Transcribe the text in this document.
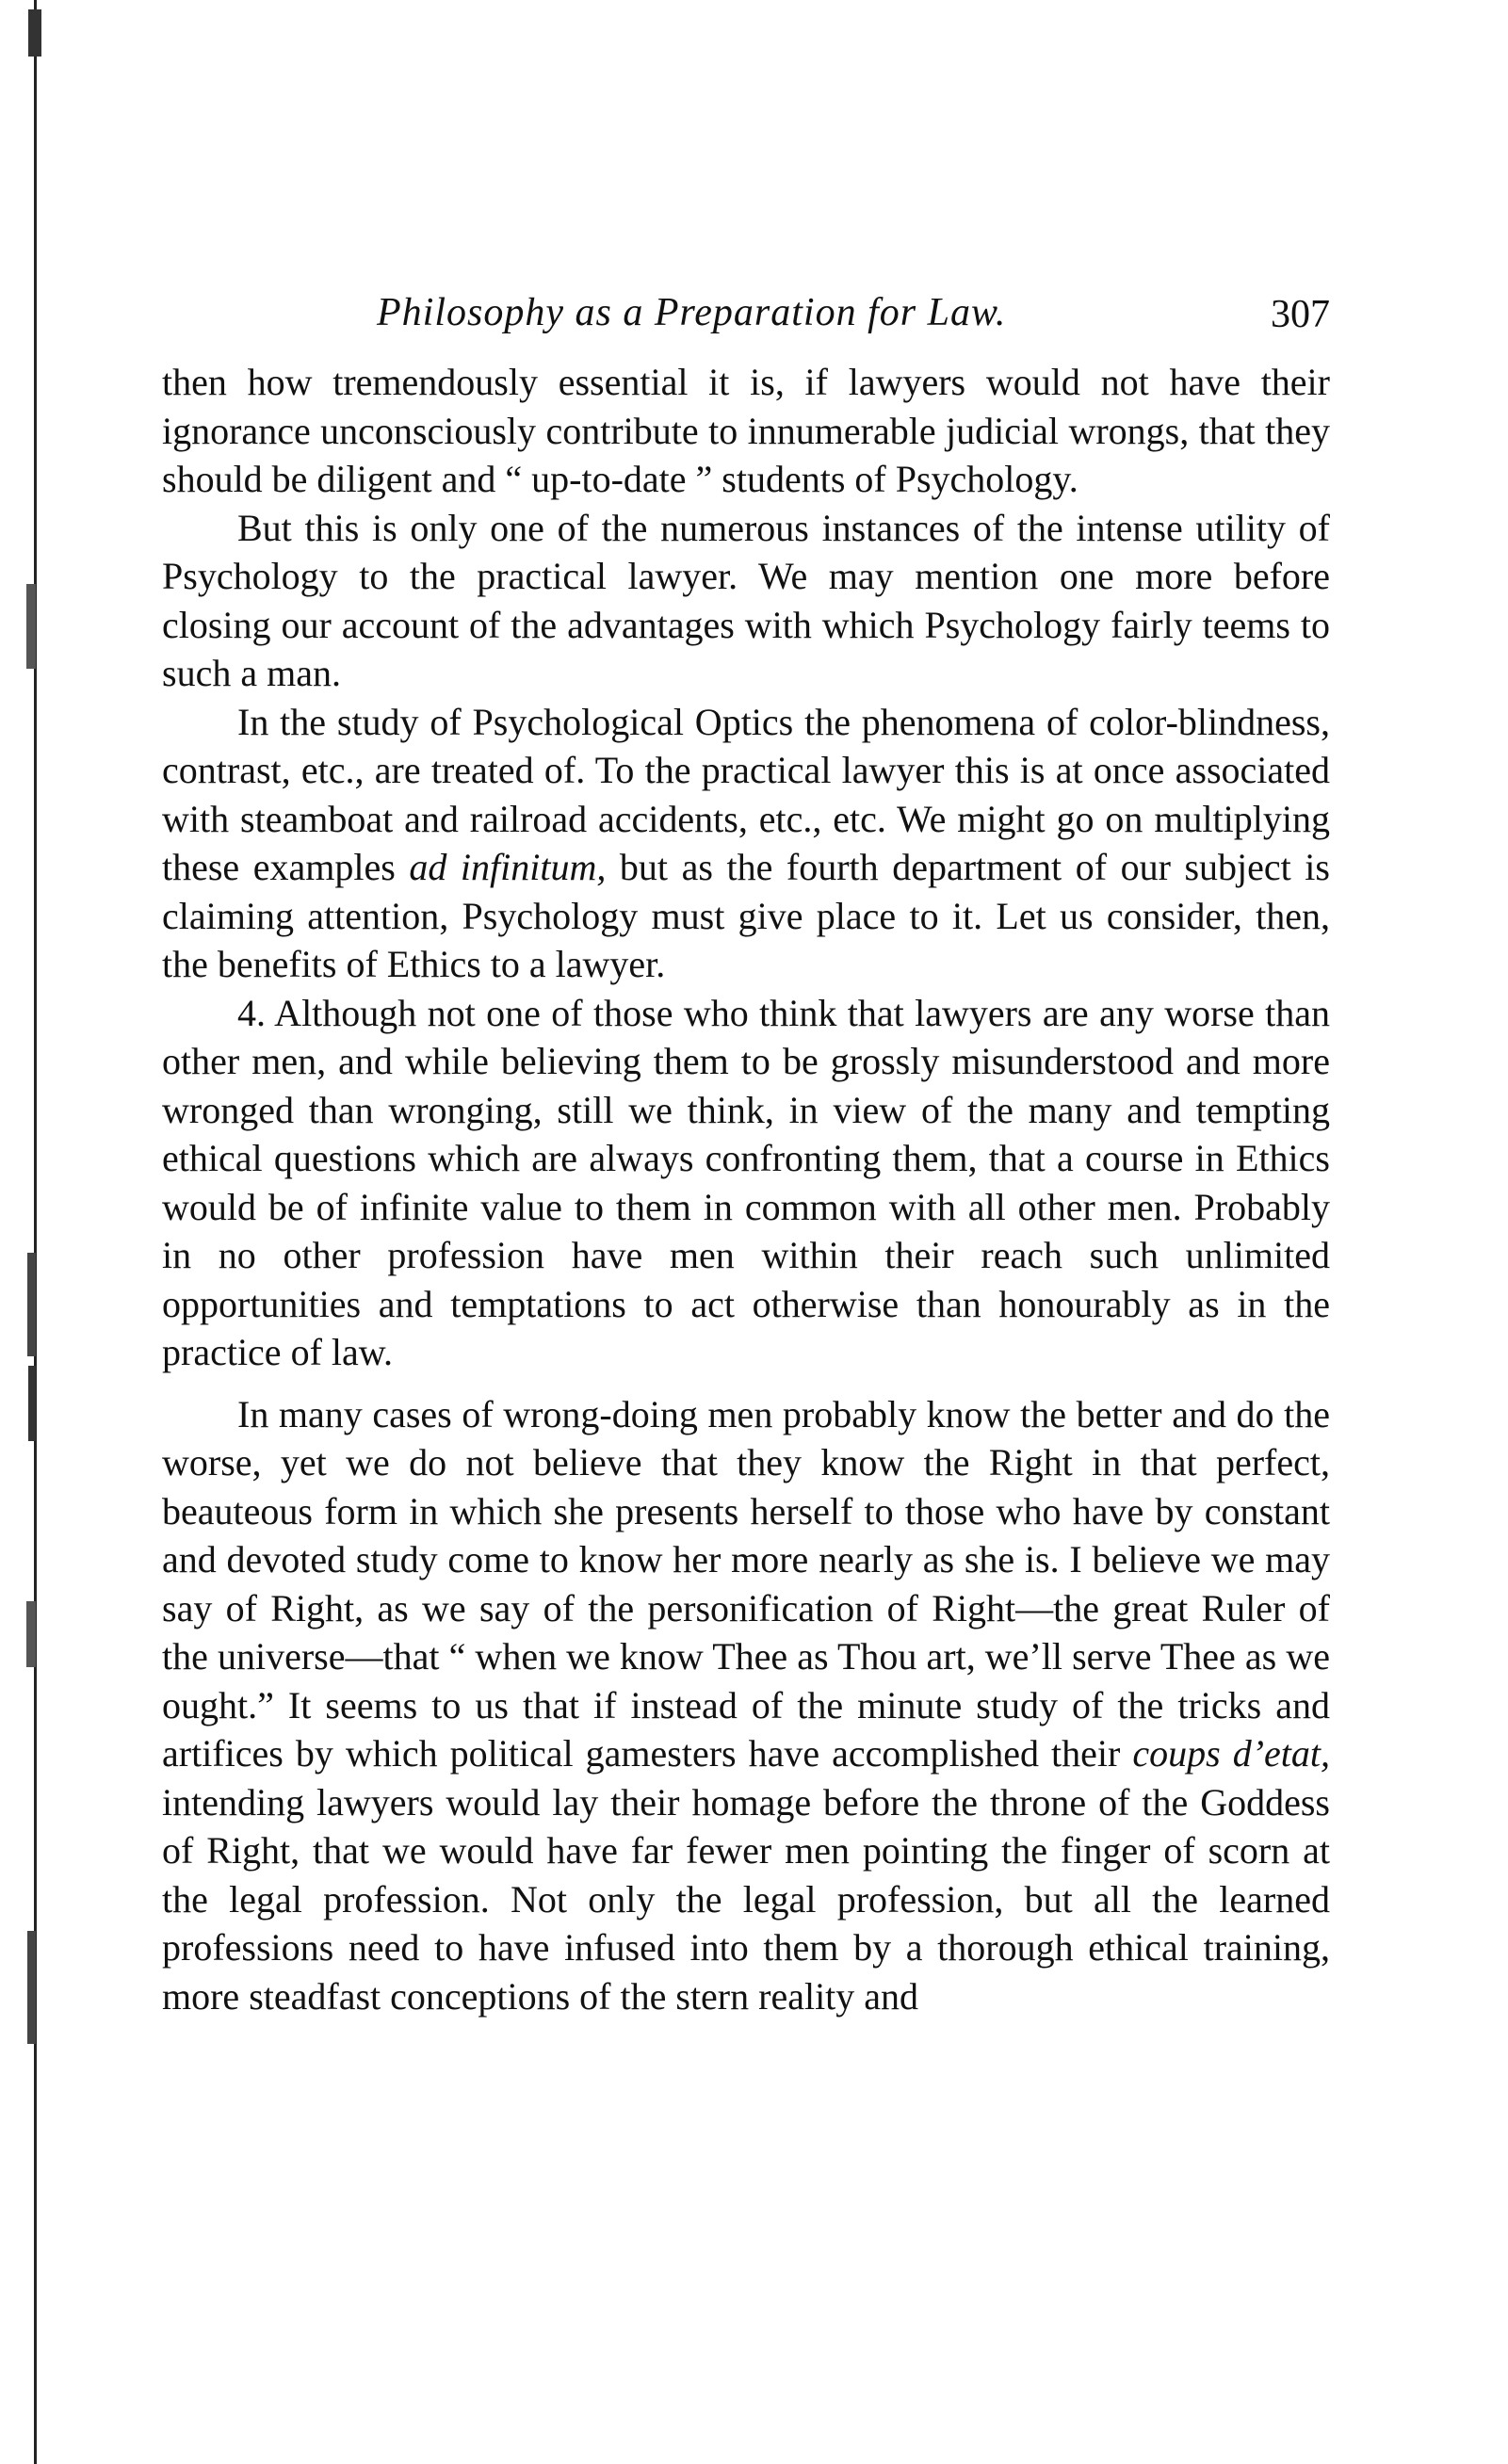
Philosophy as a Preparation for Law.	307

then how tremendously essential it is, if lawyers would not have their ignorance unconsciously contribute to innumerable judicial wrongs, that they should be diligent and “ up-to-date ” students of Psychology.

But this is only one of the numerous instances of the intense utility of Psychology to the practical lawyer. We may mention one more before closing our account of the advantages with which Psychology fairly teems to such a man.

In the study of Psychological Optics the phenomena of color-blindness, contrast, etc., are treated of. To the practical lawyer this is at once associated with steamboat and railroad accidents, etc., etc. We might go on multiplying these examples ad infinitum, but as the fourth department of our subject is claiming attention, Psychology must give place to it. Let us consider, then, the benefits of Ethics to a lawyer.

4. Although not one of those who think that lawyers are any worse than other men, and while believing them to be grossly misunderstood and more wronged than wronging, still we think, in view of the many and tempting ethical questions which are always confronting them, that a course in Ethics would be of infinite value to them in common with all other men. Probably in no other profession have men within their reach such unlimited opportunities and temptations to act otherwise than honourably as in the practice of law.

In many cases of wrong-doing men probably know the better and do the worse, yet we do not believe that they know the Right in that perfect, beauteous form in which she presents herself to those who have by constant and devoted study come to know her more nearly as she is. I believe we may say of Right, as we say of the personification of Right—the great Ruler of the universe—that “ when we know Thee as Thou art, we’ll serve Thee as we ought.” It seems to us that if instead of the minute study of the tricks and artifices by which political gamesters have accomplished their coups d’etat, intending lawyers would lay their homage before the throne of the Goddess of Right, that we would have far fewer men pointing the finger of scorn at the legal profession. Not only the legal profession, but all the learned professions need to have infused into them by a thorough ethical training, more steadfast conceptions of the stern reality and
